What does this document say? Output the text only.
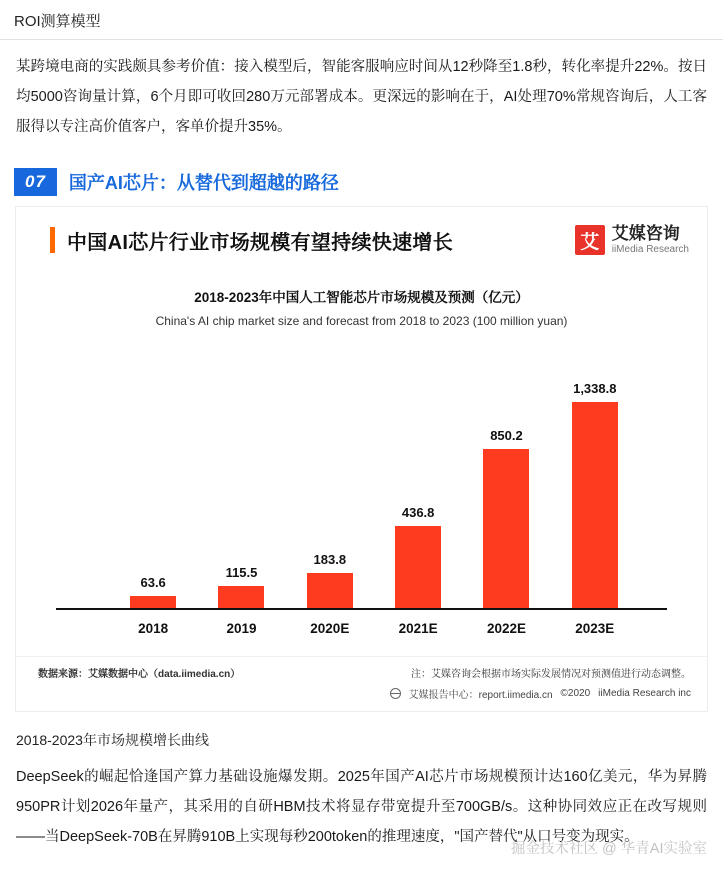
ROI测算模型
某跨境电商的实践颇具参考价值：接入模型后，智能客服响应时间从12秒降至1.8秒，转化率提升22%。按日均5000咨询量计算，6个月即可收回280万元部署成本。更深远的影响在于，AI处理70%常规咨询后，人工客服得以专注高价值客户，客单价提升35%。
07	国产AI芯片：从替代到超越的路径
中国AI芯片行业市场规模有望持续快速增长	艾 艾媒咨询
iiMedia Research
2018-2023年中国人工智能芯片市场规模及预测（亿元）
China's AI chip market size and forecast from 2018 to 2023 (100 million yuan)
63.6
115.5
183.8
436.8
850.2
1,338.8
2018	2019	2020E	2021E	2022E	2023E
数据来源：艾媒数据中心（data.iimedia.cn）	注：艾媒咨询会根据市场实际发展情况对预测值进行动态调整。
艾媒报告中心：report.iimedia.cn ©2020 iiMedia Research inc
2018-2023年市场规模增长曲线
DeepSeek的崛起恰逢国产算力基础设施爆发期。2025年国产AI芯片市场规模预计达160亿美元，华为昇腾950PR计划2026年量产，其采用的自研HBM技术将显存带宽提升至700GB/s。这种协同效应正在改写规则——当DeepSeek-70B在昇腾910B上实现每秒200token的推理速度，"国产替代"从口号变为现实。
掘金技术社区 @ 华青AI实验室
